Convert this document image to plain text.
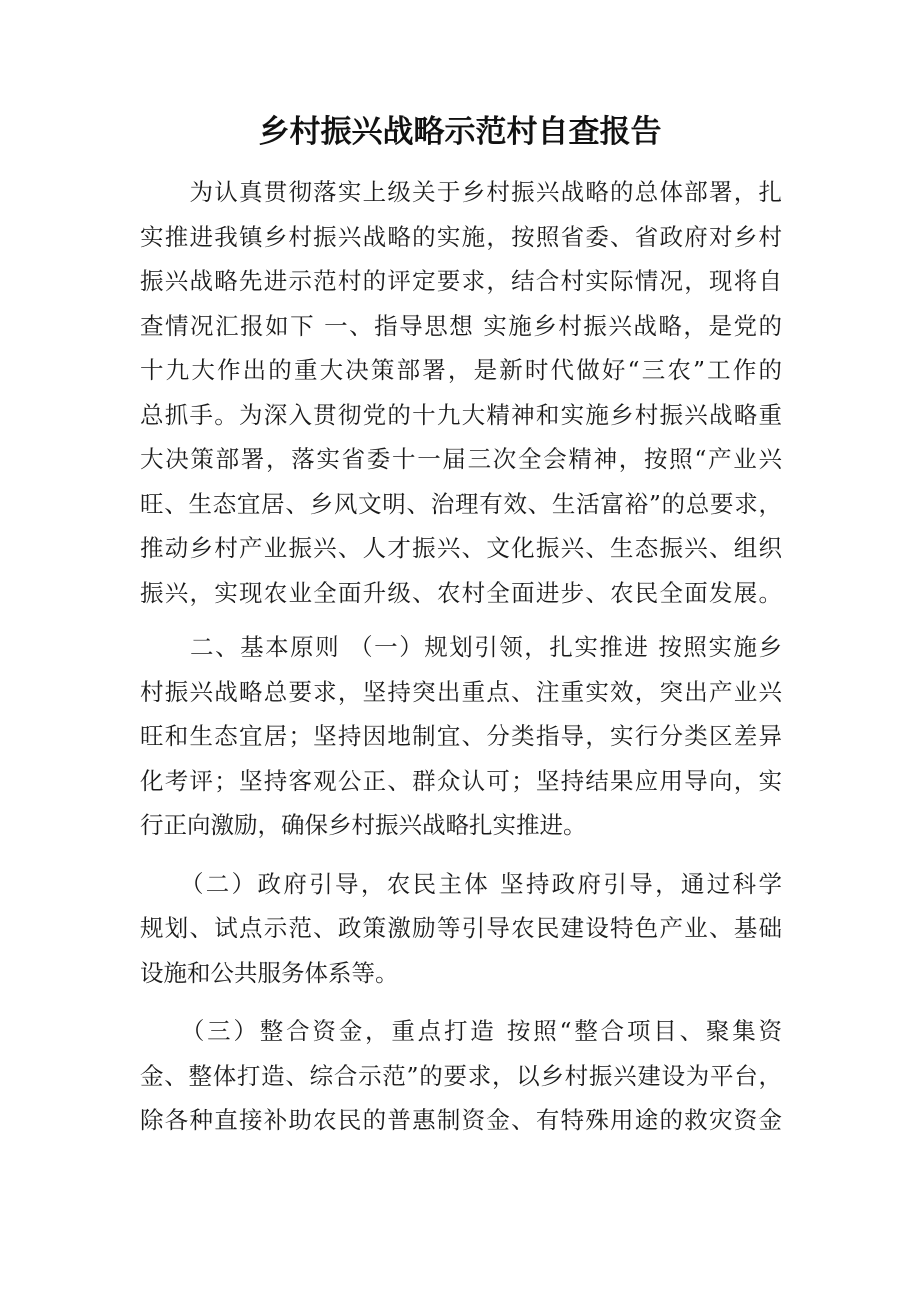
乡村振兴战略示范村自查报告
　　为认真贯彻落实上级关于乡村振兴战略的总体部署，扎
实推进我镇乡村振兴战略的实施，按照省委、省政府对乡村
振兴战略先进示范村的评定要求，结合村实际情况，现将自
查情况汇报如下 一、指导思想 实施乡村振兴战略，是党的
十九大作出的重大决策部署，是新时代做好“三农”工作的
总抓手。为深入贯彻党的十九大精神和实施乡村振兴战略重
大决策部署，落实省委十一届三次全会精神，按照“产业兴
旺、生态宜居、乡风文明、治理有效、生活富裕”的总要求，
推动乡村产业振兴、人才振兴、文化振兴、生态振兴、组织
振兴，实现农业全面升级、农村全面进步、农民全面发展。
　　二、基本原则 （一）规划引领，扎实推进 按照实施乡
村振兴战略总要求，坚持突出重点、注重实效，突出产业兴
旺和生态宜居；坚持因地制宜、分类指导，实行分类区差异
化考评；坚持客观公正、群众认可；坚持结果应用导向，实
行正向激励，确保乡村振兴战略扎实推进。
　　（二）政府引导，农民主体 坚持政府引导，通过科学
规划、试点示范、政策激励等引导农民建设特色产业、基础
设施和公共服务体系等。
　　（三）整合资金，重点打造 按照“整合项目、聚集资
金、整体打造、综合示范”的要求，以乡村振兴建设为平台，
除各种直接补助农民的普惠制资金、有特殊用途的救灾资金
